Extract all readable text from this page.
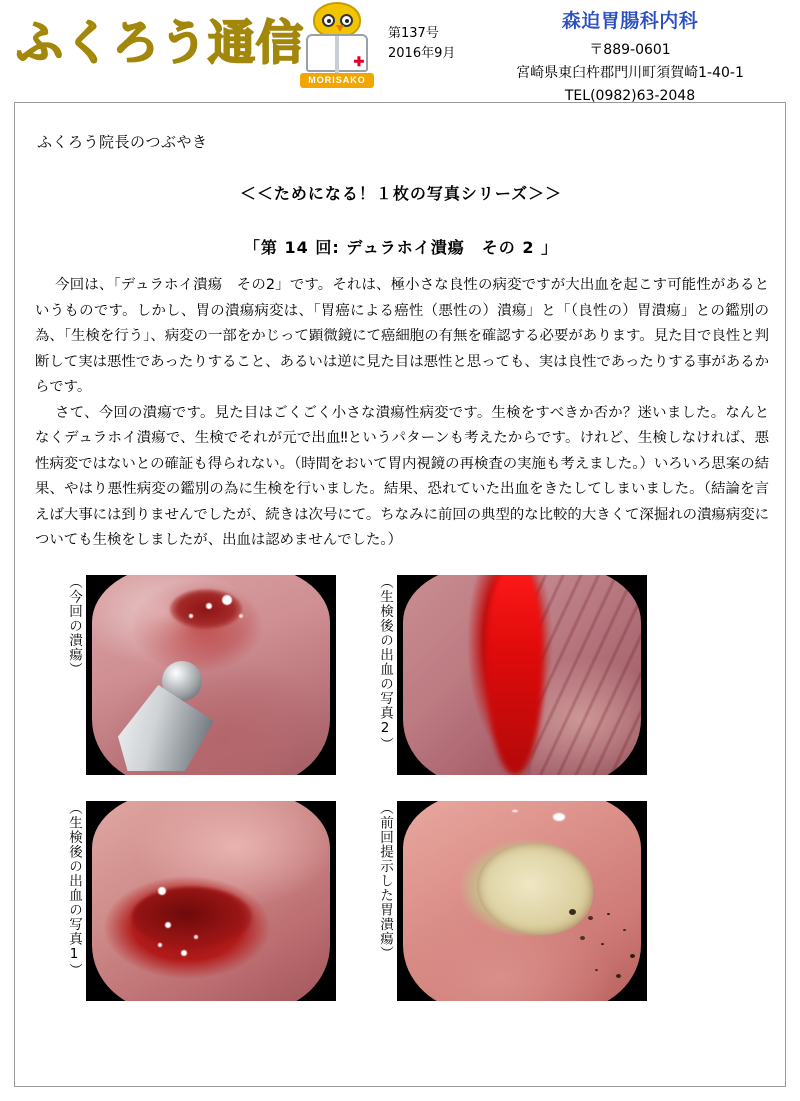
ふくろう通信	✚
MORISAKO
第137号
2016年9月
森迫胃腸科内科
〒889-0601
宮崎県東臼杵郡門川町須賀崎1-40-1
TEL(0982)63-2048
ふくろう院長のつぶやき
＜＜ためになる！１枚の写真シリーズ＞＞
「第 14 回: デュラホイ潰瘍　その 2 」

今回は、「デュラホイ潰瘍　その2」です。それは、極小さな良性の病変ですが大出血を起こす可能性があるというものです。しかし、胃の潰瘍病変は、「胃癌による癌性（悪性の）潰瘍」と「（良性の）胃潰瘍」との鑑別の為、「生検を行う」、病変の一部をかじって顕微鏡にて癌細胞の有無を確認する必要があります。見た目で良性と判断して実は悪性であったりすること、あるいは逆に見た目は悪性と思っても、実は良性であったりする事があるからです。

さて、今回の潰瘍です。見た目はごくごく小さな潰瘍性病変です。生検をすべきか否か？迷いました。なんとなくデュラホイ潰瘍で、生検でそれが元で出血‼というパターンも考えたからです。けれど、生検しなければ、悪性病変ではないとの確証も得られない。（時間をおいて胃内視鏡の再検査の実施も考えました。）いろいろ思案の結果、やはり悪性病変の鑑別の為に生検を行いました。結果、恐れていた出血をきたしてしまいました。（結論を言えば大事には到りませんでしたが、続きは次号にて。ちなみに前回の典型的な比較的大きくて深掘れの潰瘍病変についても生検をしましたが、出血は認めませんでした。）

（今回の潰瘍）	（生検後の出血の写真2）
（生検後の出血の写真1）	（前回提示した胃潰瘍）
